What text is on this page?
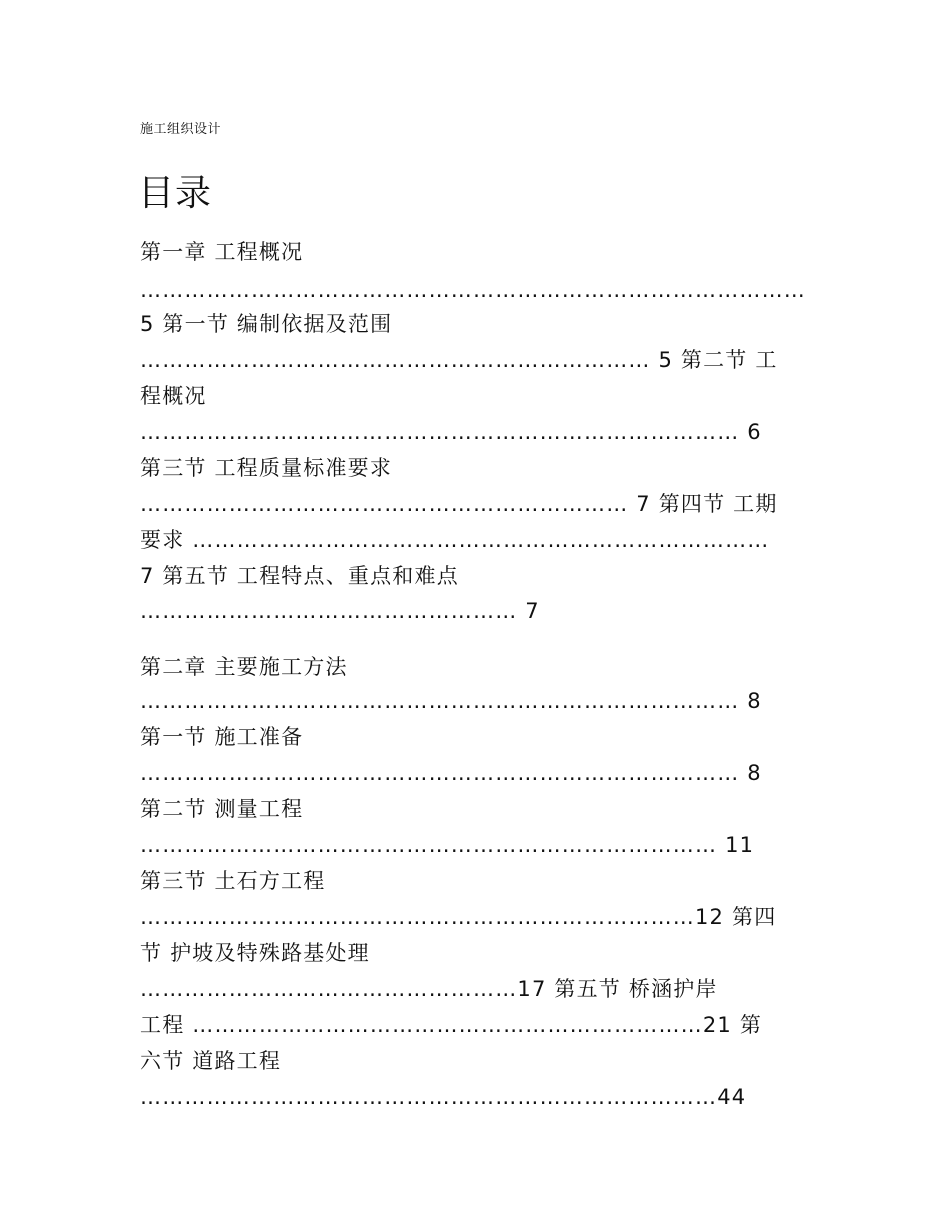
施工组织设计
目录
第一章 工程概况
………………………………………………………………………………
5 第一节 编制依据及范围
…………………………………………………………… 5 第二节 工
程概况
……………………………………………………………………… 6
第三节 工程质量标准要求
………………………………………………………… 7 第四节 工期
要求 ……………………………………………………………………
7 第五节 工程特点、重点和难点
…………………………………………… 7
第二章 主要施工方法
……………………………………………………………………… 8
第一节 施工准备
……………………………………………………………………… 8
第二节 测量工程
…………………………………………………………………… 11
第三节 土石方工程
…………………………………………………………………12 第四
节 护坡及特殊路基处理
……………………………………………17 第五节 桥涵护岸
工程 ……………………………………………………………21 第
六节 道路工程
……………………………………………………………………44
